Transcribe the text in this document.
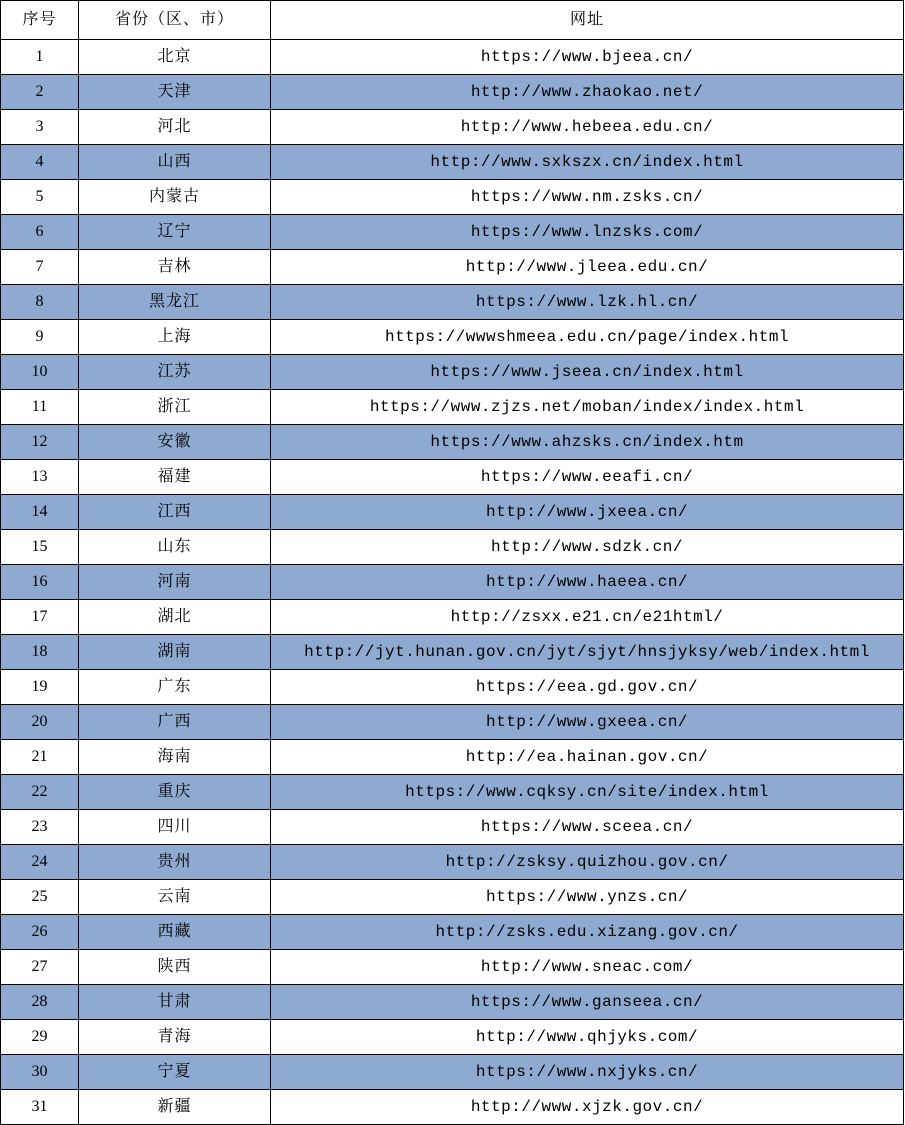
序号	省份（区、市）	网址
1	北京	https://www.bjeea.cn/
2	天津	http://www.zhaokao.net/
3	河北	http://www.hebeea.edu.cn/
4	山西	http://www.sxkszx.cn/index.html
5	内蒙古	https://www.nm.zsks.cn/
6	辽宁	https://www.lnzsks.com/
7	吉林	http://www.jleea.edu.cn/
8	黑龙江	https://www.lzk.hl.cn/
9	上海	https://wwwshmeea.edu.cn/page/index.html
10	江苏	https://www.jseea.cn/index.html
11	浙江	https://www.zjzs.net/moban/index/index.html
12	安徽	https://www.ahzsks.cn/index.htm
13	福建	https://www.eeafi.cn/
14	江西	http://www.jxeea.cn/
15	山东	http://www.sdzk.cn/
16	河南	http://www.haeea.cn/
17	湖北	http://zsxx.e21.cn/e21html/
18	湖南	http://jyt.hunan.gov.cn/jyt/sjyt/hnsjyksy/web/index.html
19	广东	https://eea.gd.gov.cn/
20	广西	http://www.gxeea.cn/
21	海南	http://ea.hainan.gov.cn/
22	重庆	https://www.cqksy.cn/site/index.html
23	四川	https://www.sceea.cn/
24	贵州	http://zsksy.quizhou.gov.cn/
25	云南	https://www.ynzs.cn/
26	西藏	http://zsks.edu.xizang.gov.cn/
27	陕西	http://www.sneac.com/
28	甘肃	https://www.ganseea.cn/
29	青海	http://www.qhjyks.com/
30	宁夏	https://www.nxjyks.cn/
31	新疆	http://www.xjzk.gov.cn/
